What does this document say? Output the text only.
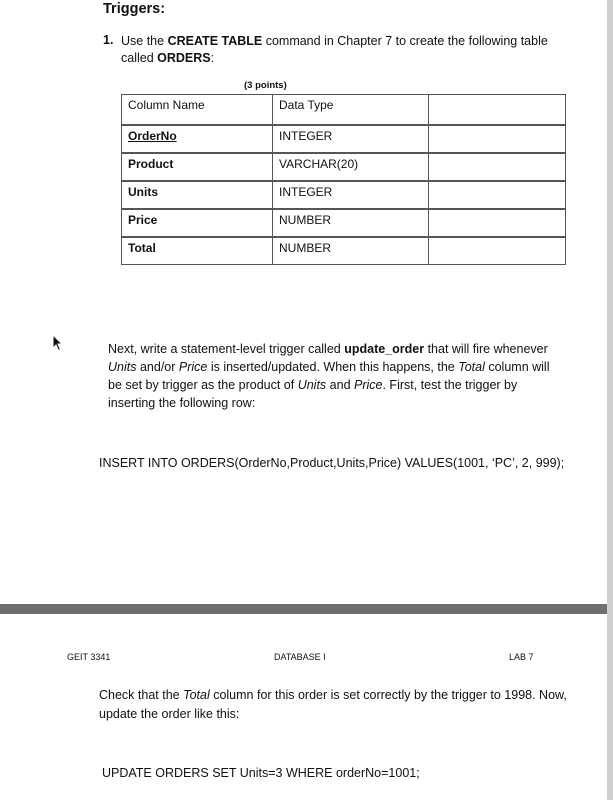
Triggers:
1. Use the CREATE TABLE command in Chapter 7 to create the following table called ORDERS:
(3 points)
Column Name	Data Type	
OrderNo	INTEGER	
Product	VARCHAR(20)	
Units	INTEGER	
Price	NUMBER	
Total	NUMBER	
Next, write a statement-level trigger called update_order that will fire whenever Units and/or Price is inserted/updated. When this happens, the Total column will be set by trigger as the product of Units and Price. First, test the trigger by inserting the following row:
INSERT INTO ORDERS(OrderNo,Product,Units,Price) VALUES(1001, ‘PC’, 2, 999);
GEIT 3341	DATABASE I	LAB 7
Check that the Total column for this order is set correctly by the trigger to 1998. Now, update the order like this:
UPDATE ORDERS SET Units=3 WHERE orderNo=1001;
